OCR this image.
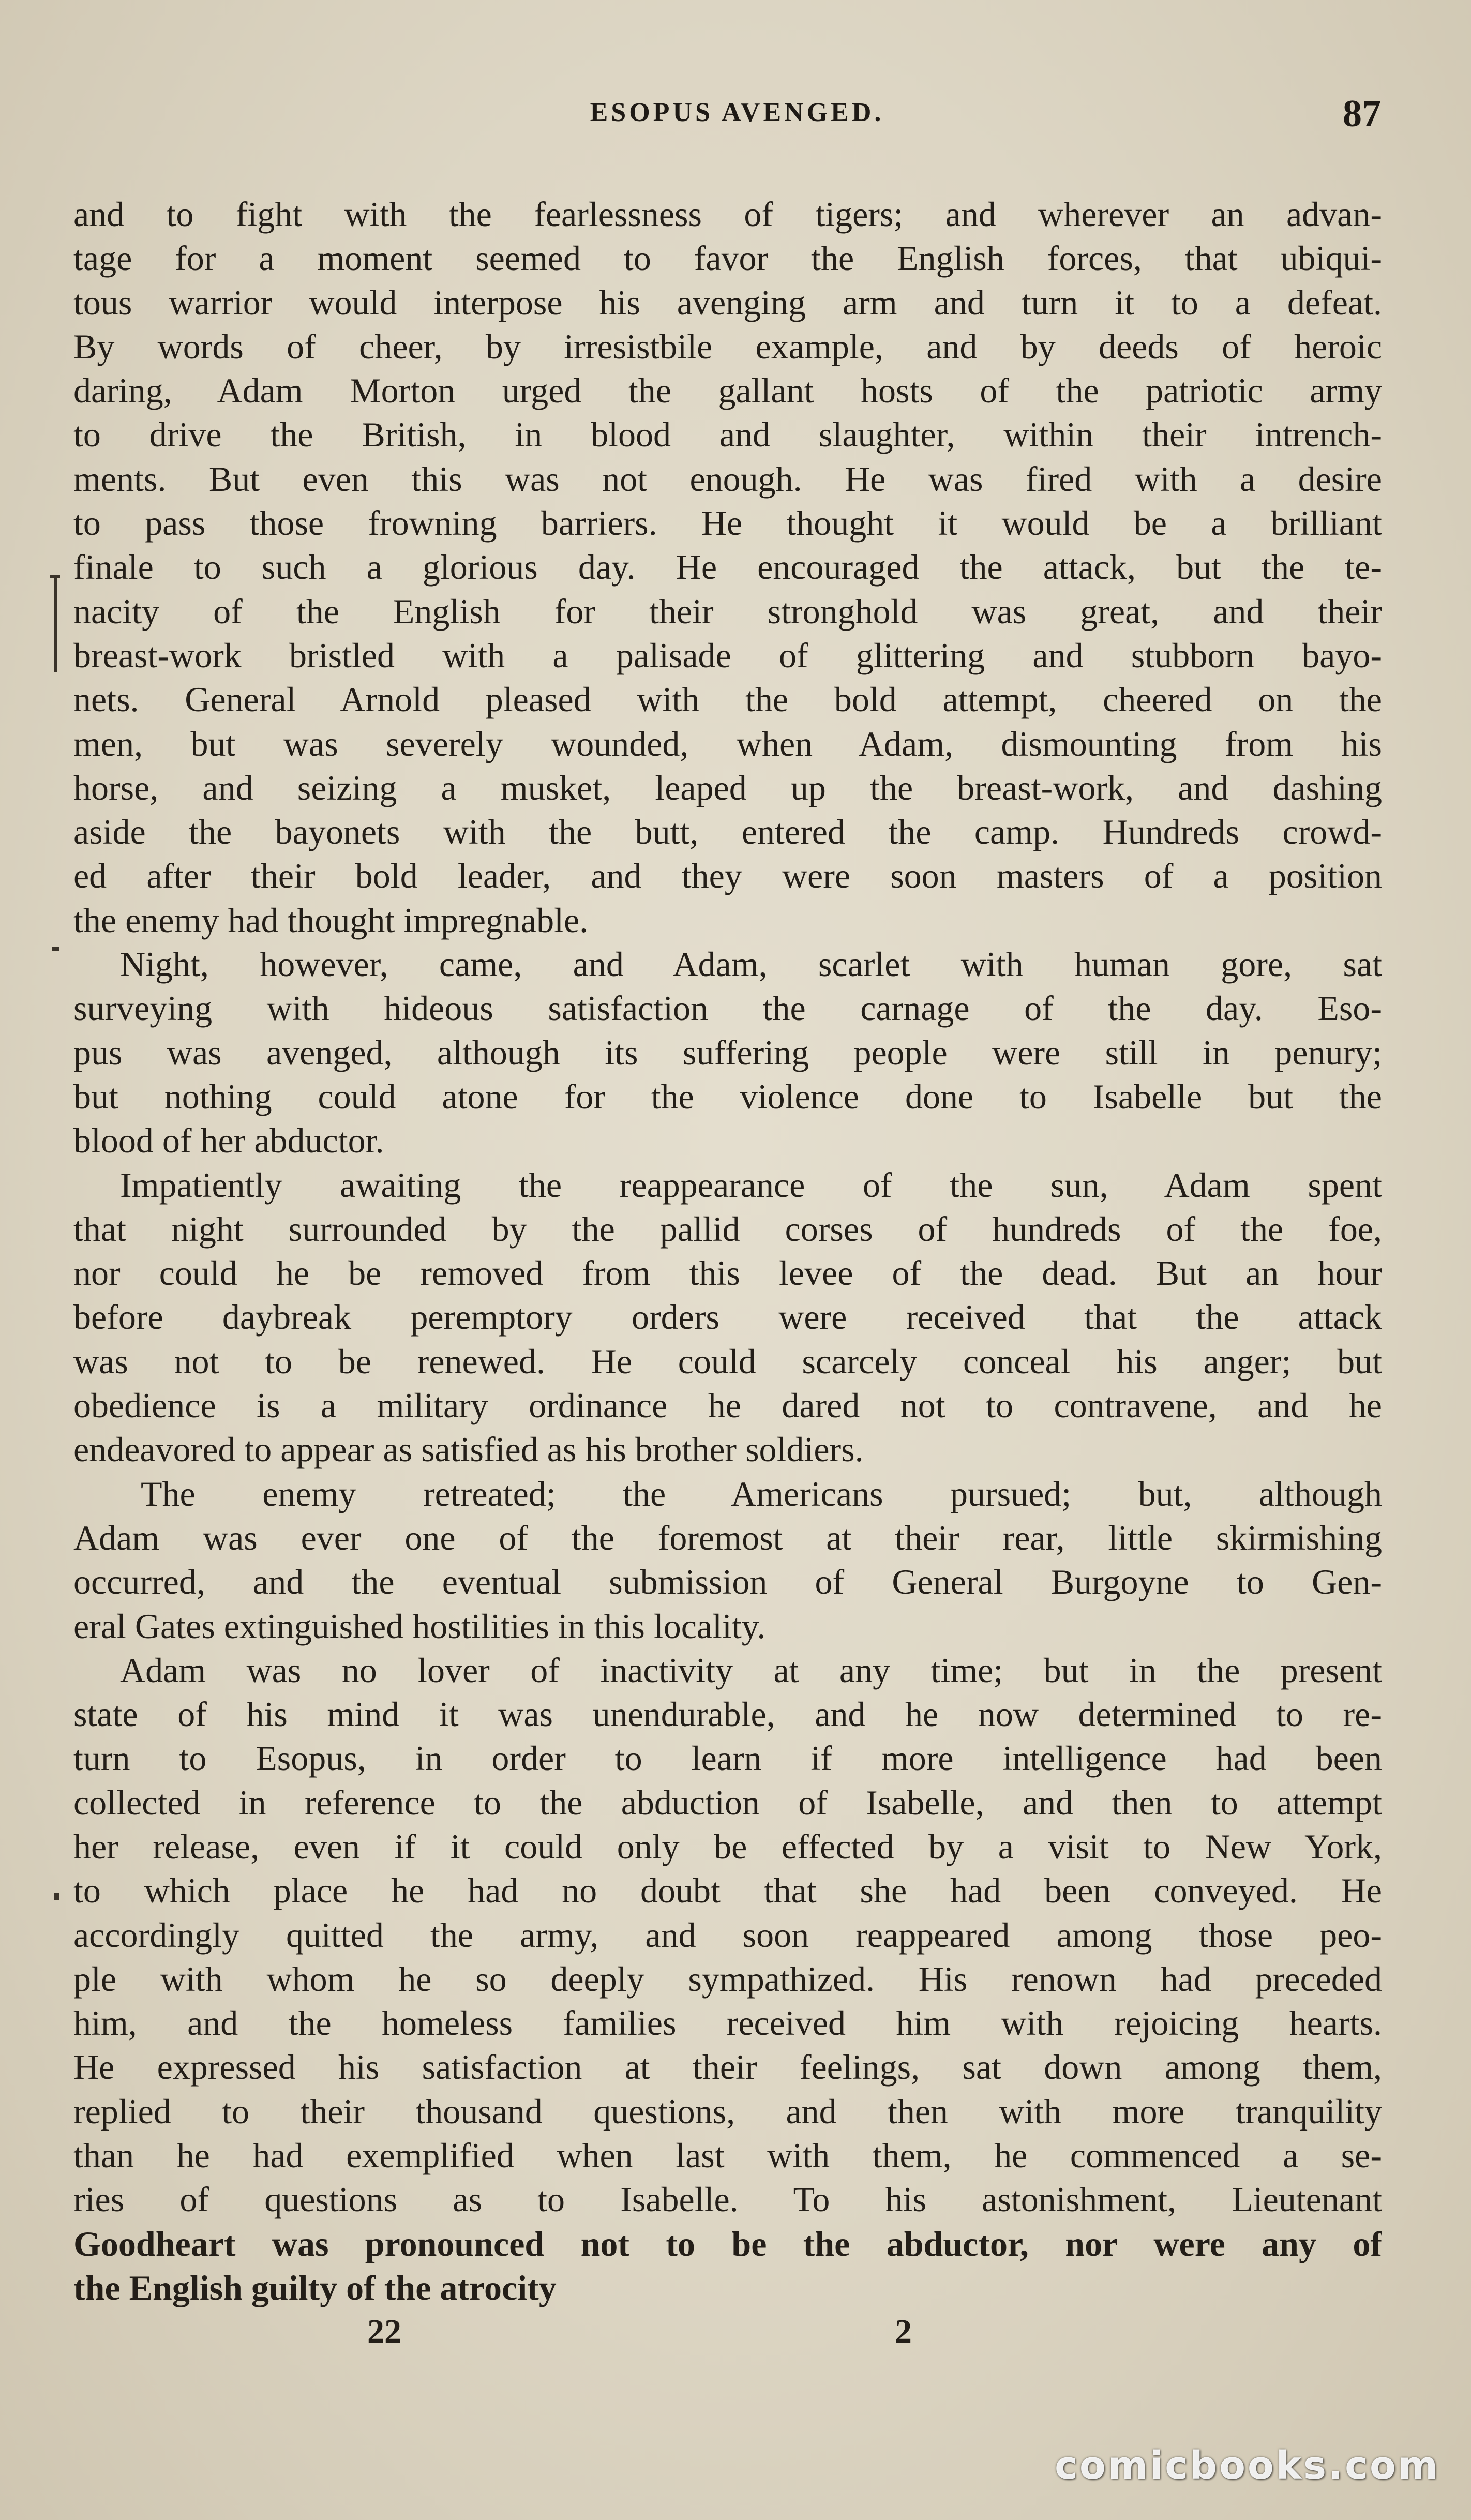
ESOPUS AVENGED.	87
and to fight with the fearlessness of tigers; and wherever an advan-
tage for a moment seemed to favor the English forces, that ubiqui-
tous warrior would interpose his avenging arm and turn it to a defeat.
By words of cheer, by irresistbile example, and by deeds of heroic
daring, Adam Morton urged the gallant hosts of the patriotic army
to drive the British, in blood and slaughter, within their intrench-
ments. But even this was not enough. He was fired with a desire
to pass those frowning barriers. He thought it would be a brilliant
finale to such a glorious day. He encouraged the attack, but the te-
nacity of the English for their stronghold was great, and their
breast-work bristled with a palisade of glittering and stubborn bayo-
nets. General Arnold pleased with the bold attempt, cheered on the
men, but was severely wounded, when Adam, dismounting from his
horse, and seizing a musket, leaped up the breast-work, and dashing
aside the bayonets with the butt, entered the camp. Hundreds crowd-
ed after their bold leader, and they were soon masters of a position
the enemy had thought impregnable.
Night, however, came, and Adam, scarlet with human gore, sat
surveying with hideous satisfaction the carnage of the day. Eso-
pus was avenged, although its suffering people were still in penury;
but nothing could atone for the violence done to Isabelle but the
blood of her abductor.
Impatiently awaiting the reappearance of the sun, Adam spent
that night surrounded by the pallid corses of hundreds of the foe,
nor could he be removed from this levee of the dead. But an hour
before daybreak peremptory orders were received that the attack
was not to be renewed. He could scarcely conceal his anger; but
obedience is a military ordinance he dared not to contravene, and he
endeavored to appear as satisfied as his brother soldiers.
The enemy retreated; the Americans pursued; but, although
Adam was ever one of the foremost at their rear, little skirmishing
occurred, and the eventual submission of General Burgoyne to Gen-
eral Gates extinguished hostilities in this locality.
Adam was no lover of inactivity at any time; but in the present
state of his mind it was unendurable, and he now determined to re-
turn to Esopus, in order to learn if more intelligence had been
collected in reference to the abduction of Isabelle, and then to attempt
her release, even if it could only be effected by a visit to New York,
to which place he had no doubt that she had been conveyed. He
accordingly quitted the army, and soon reappeared among those peo-
ple with whom he so deeply sympathized. His renown had preceded
him, and the homeless families received him with rejoicing hearts.
He expressed his satisfaction at their feelings, sat down among them,
replied to their thousand questions, and then with more tranquility
than he had exemplified when last with them, he commenced a se-
ries of questions as to Isabelle. To his astonishment, Lieutenant
Goodheart was pronounced not to be the abductor, nor were any of
the English guilty of the atrocity
22	2
comicbooks.com
